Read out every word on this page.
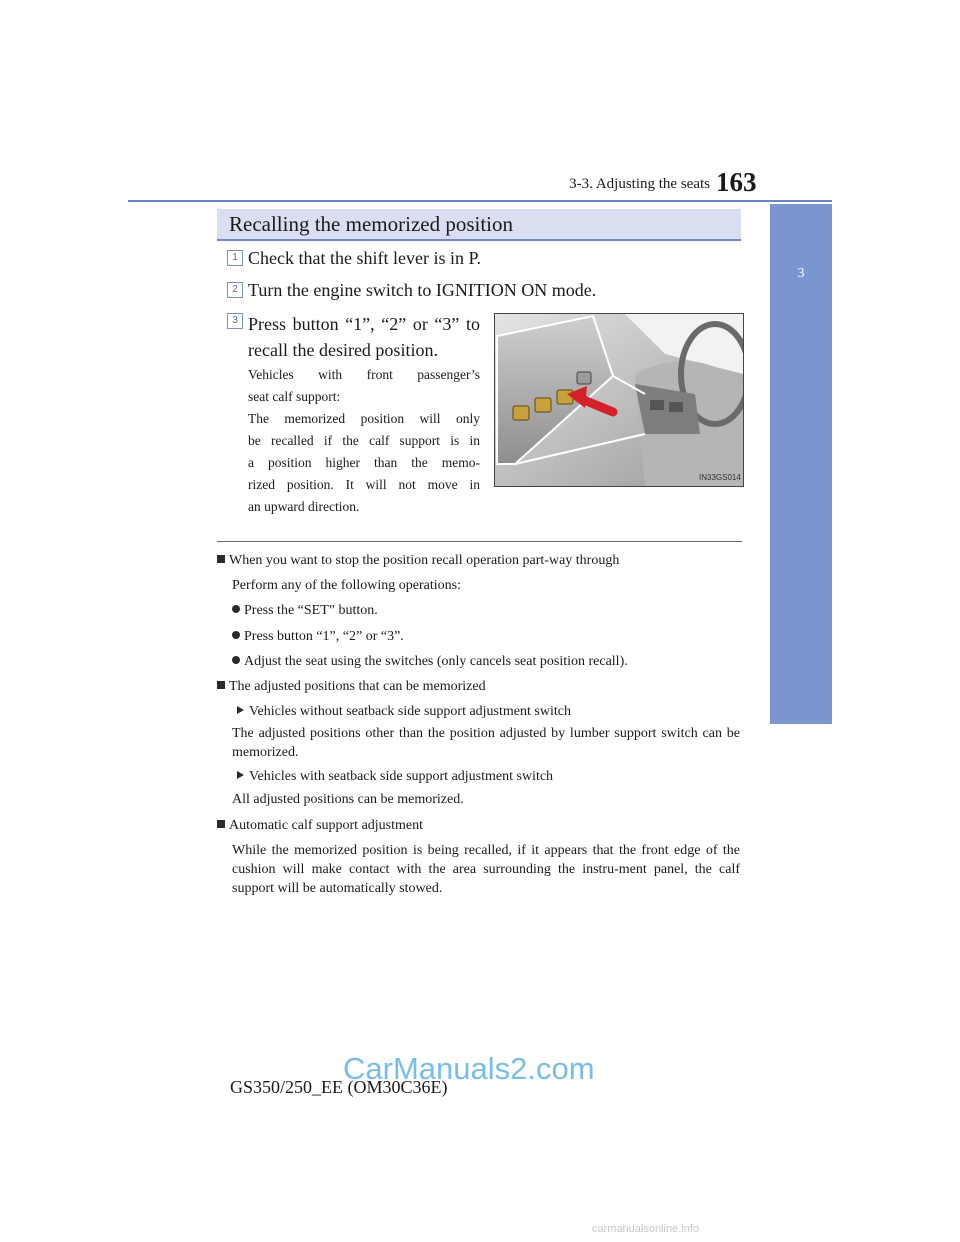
3-3. Adjusting the seats 163
3
Operation of each component
Recalling the memorized position
1 Check that the shift lever is in P.
2 Turn the engine switch to IGNITION ON mode.
3 Press button “1”, “2” or “3” to
recall the desired position.
Vehicles with front passenger’s
seat calf support:
The memorized position will only
be recalled if the calf support is in
a position higher than the memo-
rized position. It will not move in
an upward direction.
IN33GS014
When you want to stop the position recall operation part-way through
Perform any of the following operations:
Press the “SET” button.
Press button “1”, “2” or “3”.
Adjust the seat using the switches (only cancels seat position recall).
The adjusted positions that can be memorized
Vehicles without seatback side support adjustment switch
The adjusted positions other than the position adjusted by lumber support switch can be memorized.
Vehicles with seatback side support adjustment switch
All adjusted positions can be memorized.
Automatic calf support adjustment
While the memorized position is being recalled, if it appears that the front edge of the cushion will make contact with the area surrounding the instru-ment panel, the calf support will be automatically stowed.
GS350/250_EE (OM30C36E)
CarManuals2.com
carmanualsonline.info
